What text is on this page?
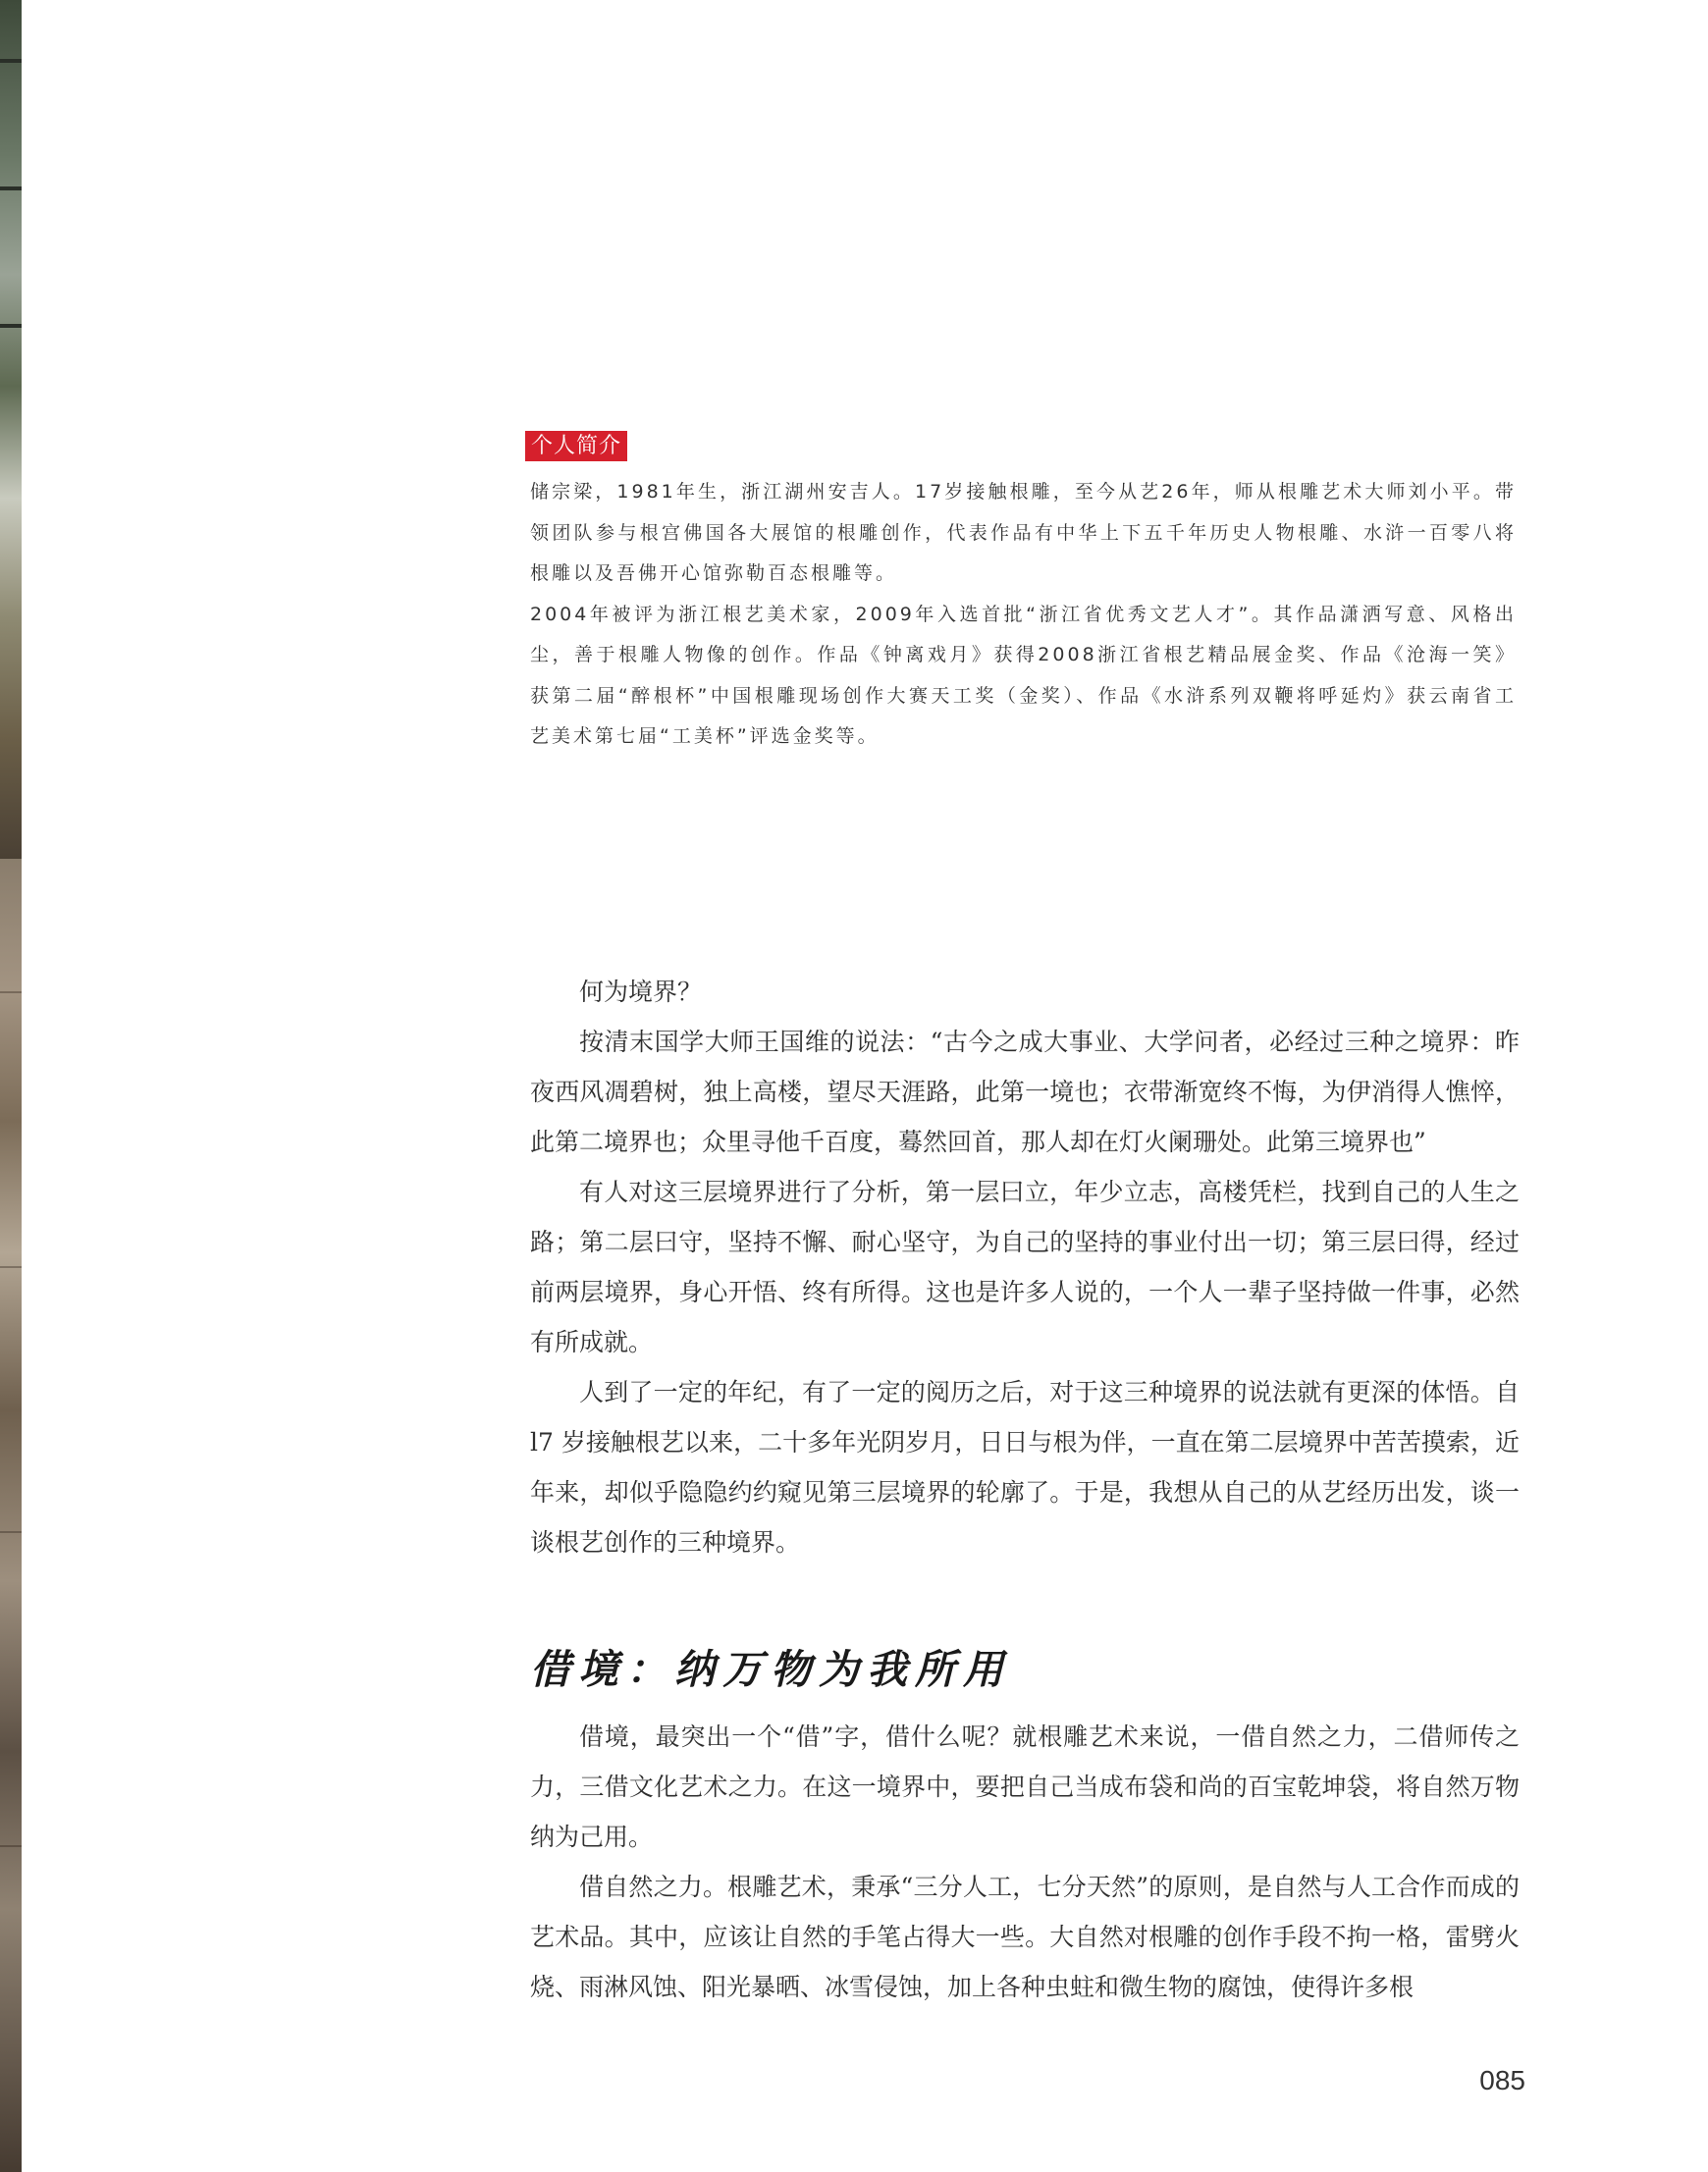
个人简介

储宗梁，1981年生，浙江湖州安吉人。17岁接触根雕，至今从艺26年，师从根雕艺术大师刘小平。带领团队参与根宫佛国各大展馆的根雕创作，代表作品有中华上下五千年历史人物根雕、水浒一百零八将根雕以及吾佛开心馆弥勒百态根雕等。

2004年被评为浙江根艺美术家，2009年入选首批“浙江省优秀文艺人才”。其作品潇洒写意、风格出尘，善于根雕人物像的创作。作品《钟离戏月》获得2008浙江省根艺精品展金奖、作品《沧海一笑》获第二届“醉根杯”中国根雕现场创作大赛天工奖（金奖）、作品《水浒系列双鞭将呼延灼》获云南省工艺美术第七届“工美杯”评选金奖等。

何为境界？

按清末国学大师王国维的说法：“古今之成大事业、大学问者，必经过三种之境界：昨夜西风凋碧树，独上高楼，望尽天涯路，此第一境也；衣带渐宽终不悔，为伊消得人憔悴，此第二境界也；众里寻他千百度，蓦然回首，那人却在灯火阑珊处。此第三境界也”

有人对这三层境界进行了分析，第一层曰立，年少立志，高楼凭栏，找到自己的人生之路；第二层曰守，坚持不懈、耐心坚守，为自己的坚持的事业付出一切；第三层曰得，经过前两层境界，身心开悟、终有所得。这也是许多人说的，一个人一辈子坚持做一件事，必然有所成就。

人到了一定的年纪，有了一定的阅历之后，对于这三种境界的说法就有更深的体悟。自 l7 岁接触根艺以来，二十多年光阴岁月，日日与根为伴，一直在第二层境界中苦苦摸索，近年来，却似乎隐隐约约窥见第三层境界的轮廓了。于是，我想从自己的从艺经历出发，谈一谈根艺创作的三种境界。

借境：纳万物为我所用

借境，最突出一个“借”字，借什么呢？就根雕艺术来说，一借自然之力，二借师传之力，三借文化艺术之力。在这一境界中，要把自己当成布袋和尚的百宝乾坤袋，将自然万物纳为己用。

借自然之力。根雕艺术，秉承“三分人工，七分天然”的原则，是自然与人工合作而成的艺术品。其中，应该让自然的手笔占得大一些。大自然对根雕的创作手段不拘一格，雷劈火烧、雨淋风蚀、阳光暴晒、冰雪侵蚀，加上各种虫蛀和微生物的腐蚀，使得许多根

085
